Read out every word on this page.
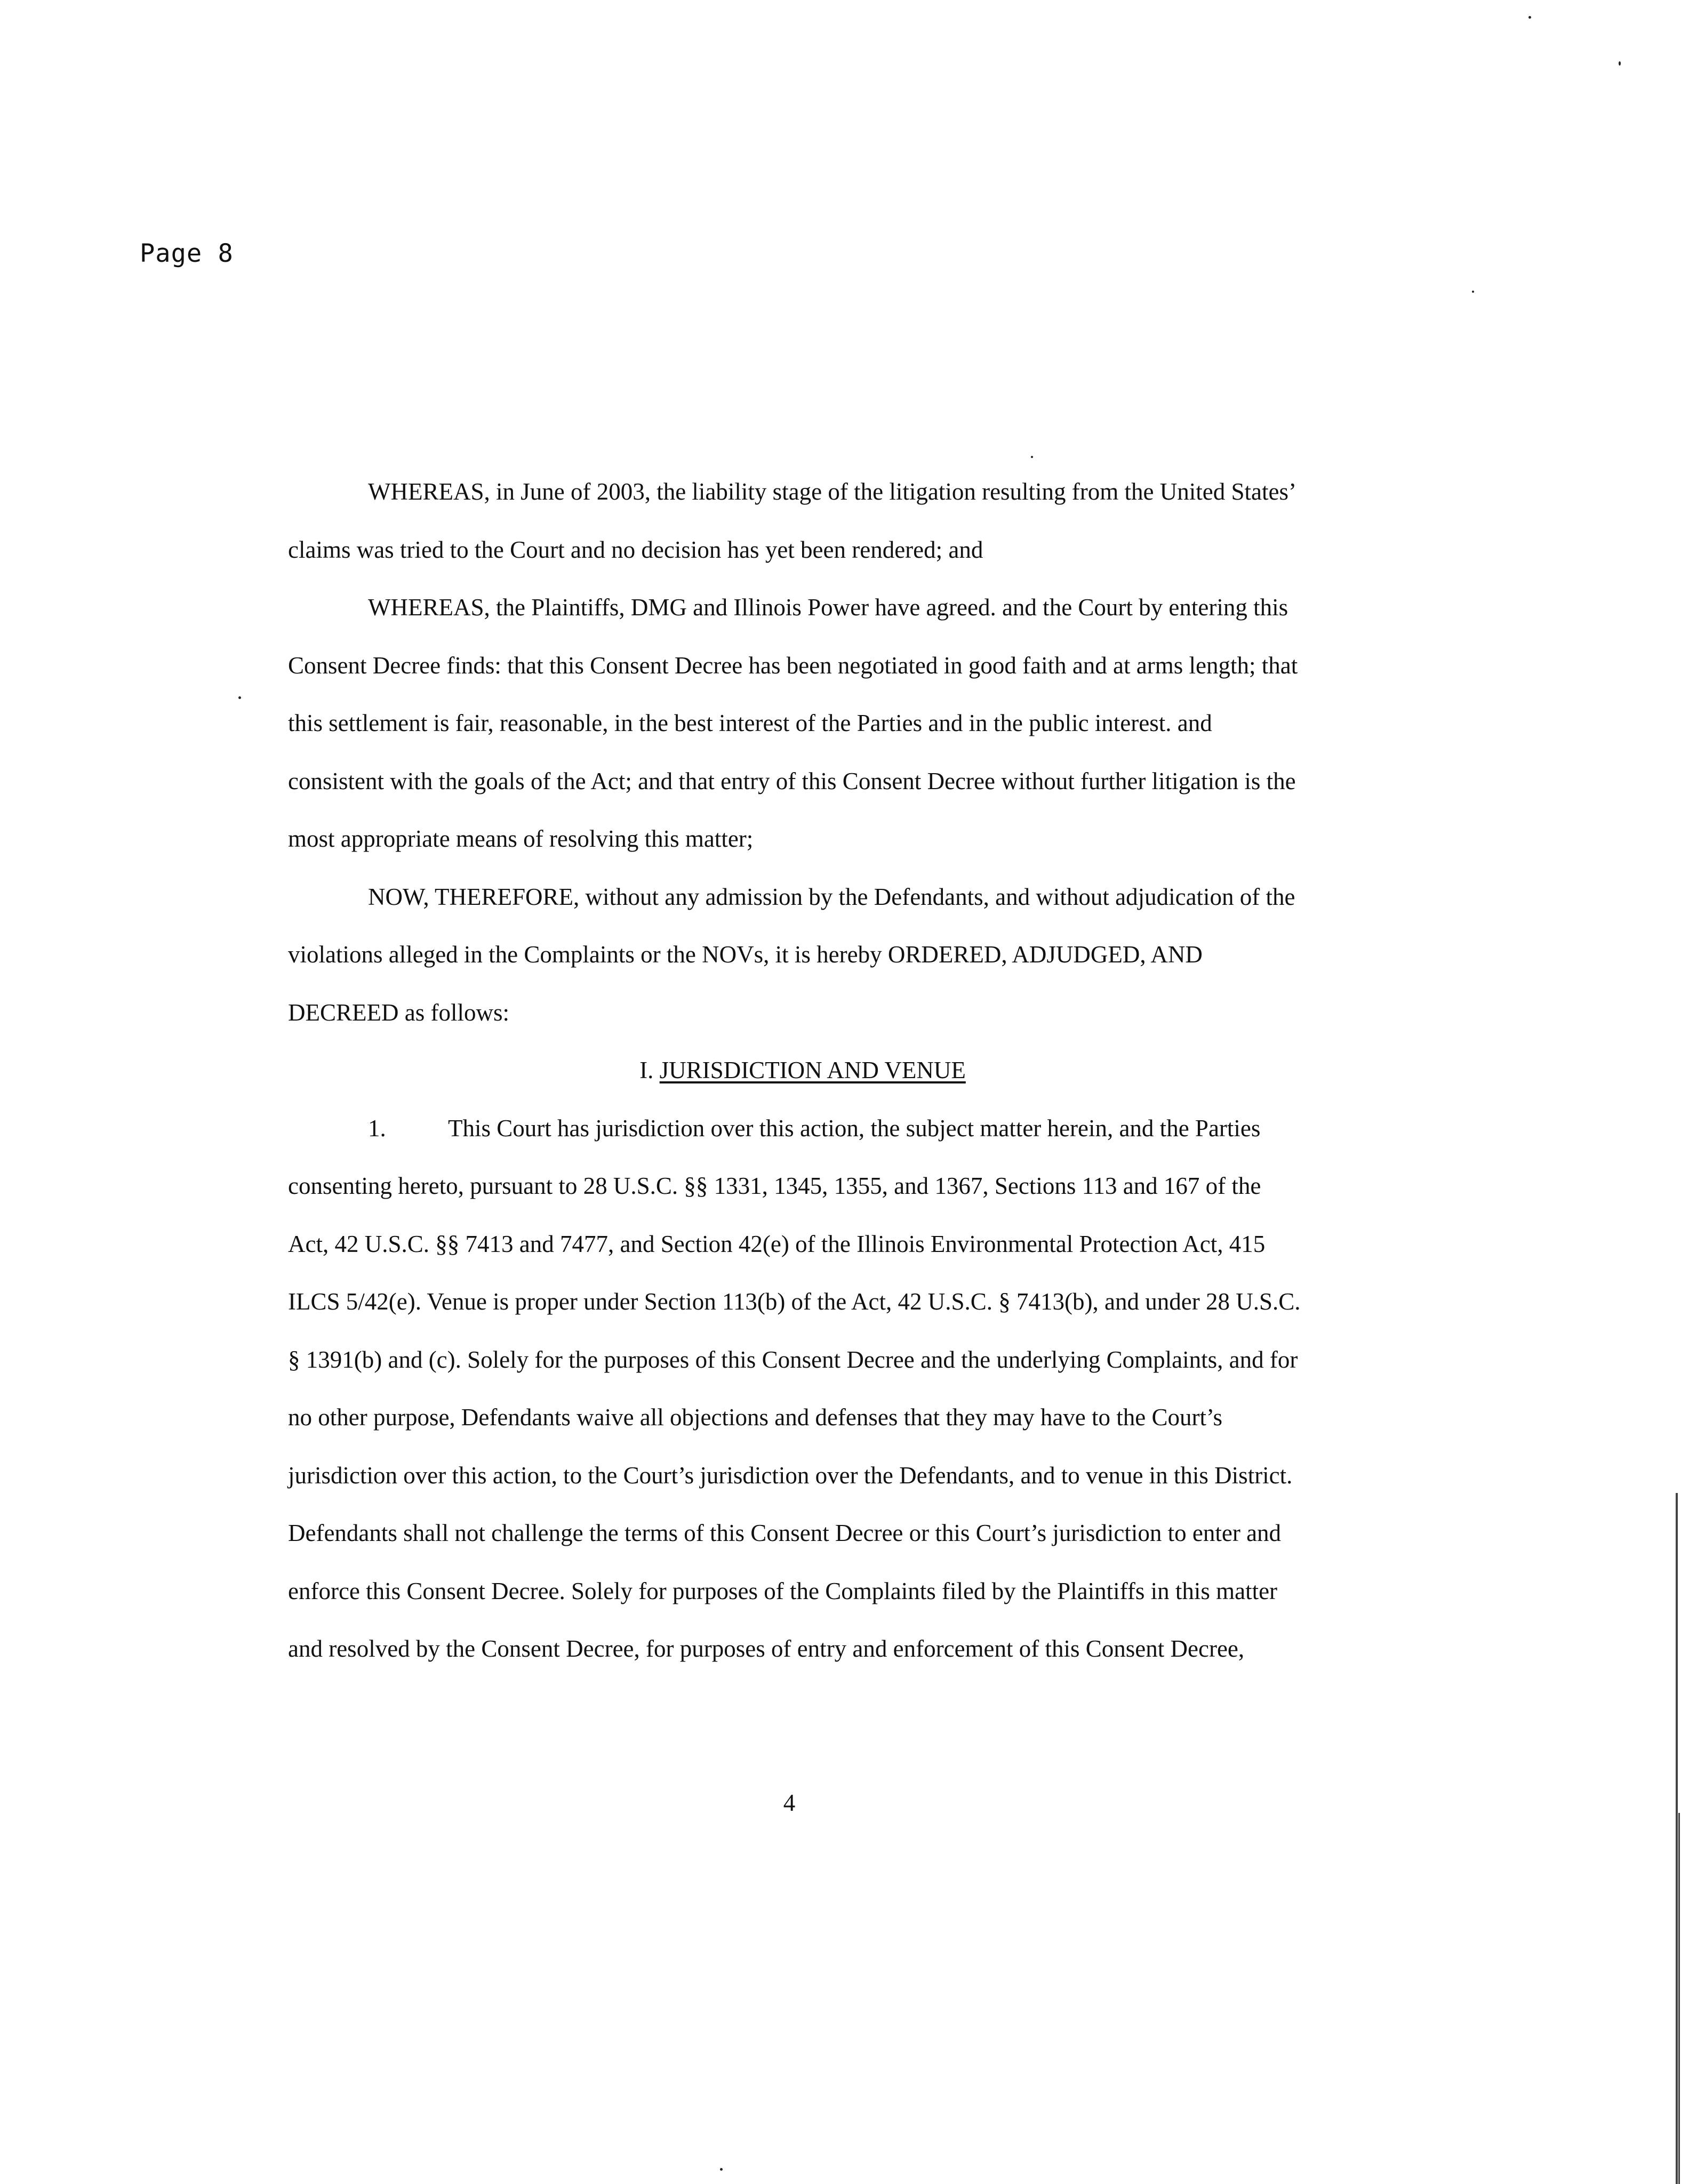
Page 8

WHEREAS, in June of 2003, the liability stage of the litigation resulting from the United States’ claims was tried to the Court and no decision has yet been rendered; and

WHEREAS, the Plaintiffs, DMG and Illinois Power have agreed. and the Court by entering this Consent Decree finds: that this Consent Decree has been negotiated in good faith and at arms length; that this settlement is fair, reasonable, in the best interest of the Parties and in the public interest. and consistent with the goals of the Act; and that entry of this Consent Decree without further litigation is the most appropriate means of resolving this matter;

NOW, THEREFORE, without any admission by the Defendants, and without adjudication of the violations alleged in the Complaints or the NOVs, it is hereby ORDERED, ADJUDGED, AND DECREED as follows:

I. JURISDICTION AND VENUE

1.	This Court has jurisdiction over this action, the subject matter herein, and the Parties consenting hereto, pursuant to 28 U.S.C. §§ 1331, 1345, 1355, and 1367, Sections 113 and 167 of the Act, 42 U.S.C. §§ 7413 and 7477, and Section 42(e) of the Illinois Environmental Protection Act, 415 ILCS 5/42(e). Venue is proper under Section 113(b) of the Act, 42 U.S.C. § 7413(b), and under 28 U.S.C. § 1391(b) and (c). Solely for the purposes of this Consent Decree and the underlying Complaints, and for no other purpose, Defendants waive all objections and defenses that they may have to the Court’s jurisdiction over this action, to the Court’s jurisdiction over the Defendants, and to venue in this District. Defendants shall not challenge the terms of this Consent Decree or this Court’s jurisdiction to enter and enforce this Consent Decree. Solely for purposes of the Complaints filed by the Plaintiffs in this matter and resolved by the Consent Decree, for purposes of entry and enforcement of this Consent Decree,

4
